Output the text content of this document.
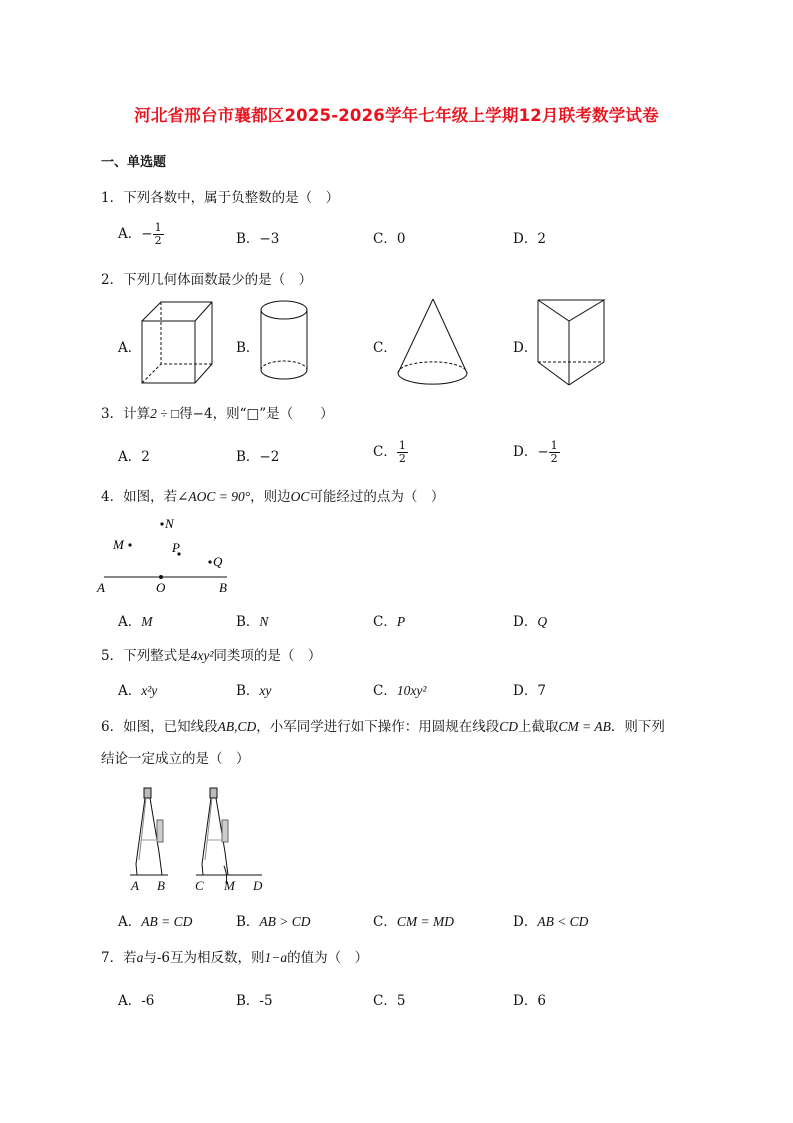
河北省邢台市襄都区2025-2026学年七年级上学期12月联考数学试卷
一、单选题
1．下列各数中，属于负整数的是（　）
A．− $\frac{1}{2}$	B．−3	C．0	D．2
2．下列几何体面数最少的是（　）
A．	B．	C．	D．
N
M	P
Q
A	O	B
A B C M D
3．计算2 ÷ □得−4，则“□”是（　　）
A．2	B．−2	C． $\frac{1}{2}$	D．− $\frac{1}{2}$
4．如图，若∠AOC = 90°，则边OC可能经过的点为（　）
A．M	B．N	C．P	D．Q
5．下列整式是4xy²同类项的是（　）
A．x²y	B．xy	C．10xy²	D．7
6．如图，已知线段AB,CD，小军同学进行如下操作：用圆规在线段CD上截取CM = AB．则下列
结论一定成立的是（　）
A．AB = CD	B．AB > CD	C．CM = MD	D．AB < CD
7．若a与-6互为相反数，则1−a的值为（　）
A．-6	B．-5	C．5	D．6
